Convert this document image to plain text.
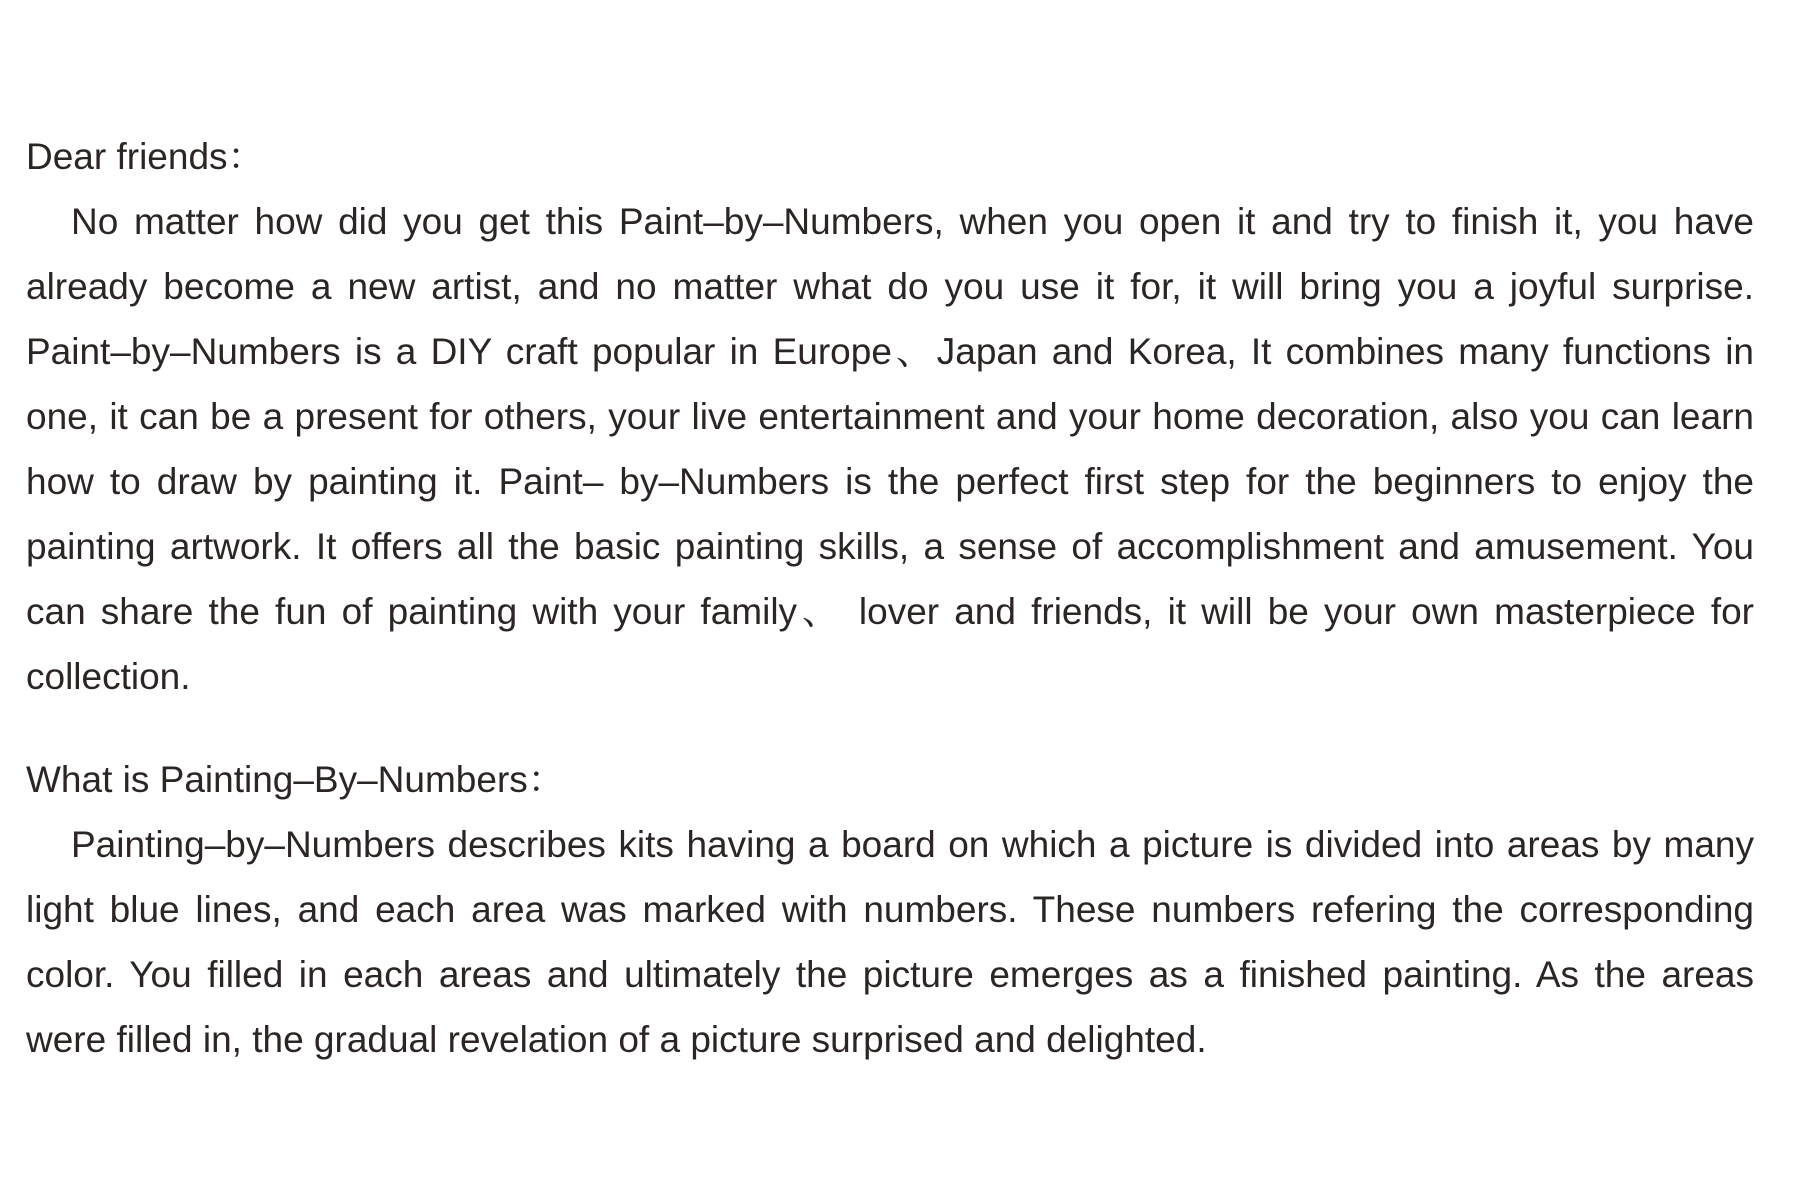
Dear friends：

No matter how did you get this Paint–by–Numbers, when you open it and try to finish it, you have already become a new artist, and no matter what do you use it for, it will bring you a joyful surprise. Paint–by–Numbers is a DIY craft popular in Europe、Japan and Korea, It combines many functions in one, it can be a present for others, your live entertainment and your home decoration, also you can learn how to draw by painting it. Paint– by–Numbers is the perfect first step for the beginners to enjoy the painting artwork. It offers all the basic painting skills, a sense of accomplishment and amusement. You can share the fun of painting with your family、 lover and friends, it will be your own masterpiece for collection.

What is Painting–By–Numbers：

Painting–by–Numbers describes kits having a board on which a picture is divided into areas by many light blue lines, and each area was marked with numbers. These numbers refering the corresponding color. You filled in each areas and ultimately the picture emerges as a finished painting. As the areas were filled in, the gradual revelation of a picture surprised and delighted.
